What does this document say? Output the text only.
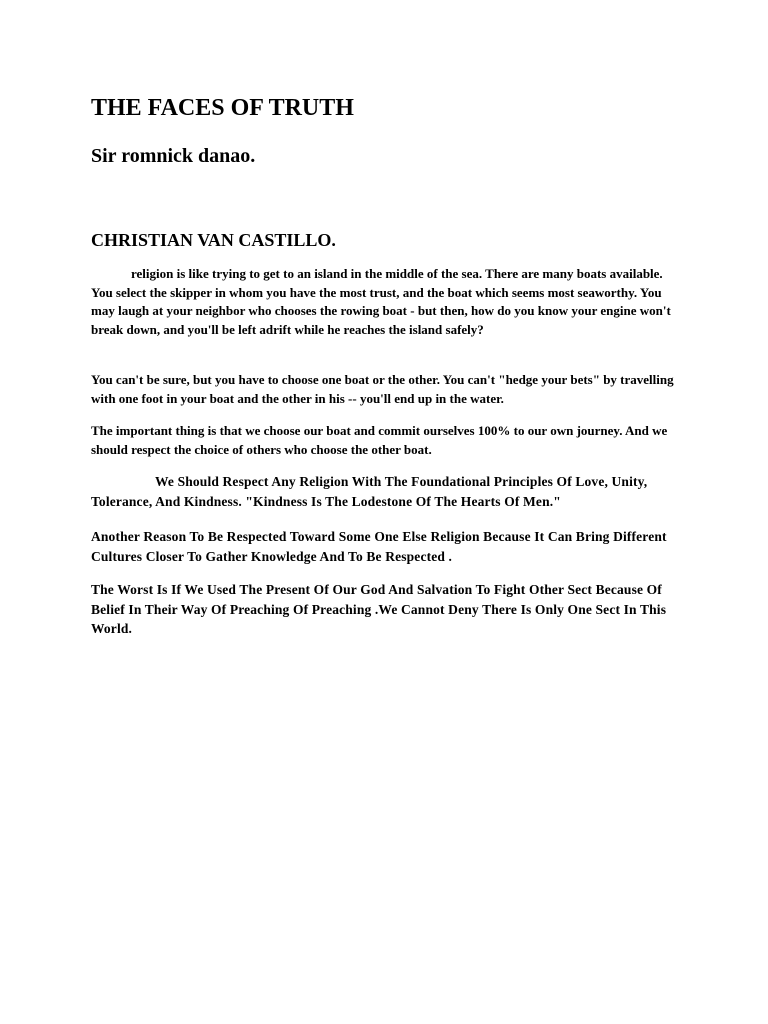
THE FACES OF TRUTH
Sir romnick danao.
CHRISTIAN VAN CASTILLO.

religion is like trying to get to an island in the middle of the sea. There are many boats available. You select the skipper in whom you have the most trust, and the boat which seems most seaworthy. You may laugh at your neighbor who chooses the rowing boat - but then, how do you know your engine won't break down, and you'll be left adrift while he reaches the island safely?

You can't be sure, but you have to choose one boat or the other. You can't "hedge your bets" by travelling with one foot in your boat and the other in his -- you'll end up in the water.

The important thing is that we choose our boat and commit ourselves 100% to our own journey. And we should respect the choice of others who choose the other boat.

We Should Respect Any Religion With The Foundational Principles Of Love, Unity, Tolerance, And Kindness. "Kindness Is The Lodestone Of The Hearts Of Men."

Another Reason To Be Respected Toward Some One Else Religion Because It Can Bring Different Cultures Closer To Gather Knowledge And To Be Respected .

The Worst Is If We Used The Present Of Our God And Salvation To Fight Other Sect Because Of Belief In Their Way Of Preaching Of Preaching .We Cannot Deny There Is Only One Sect In This World.
